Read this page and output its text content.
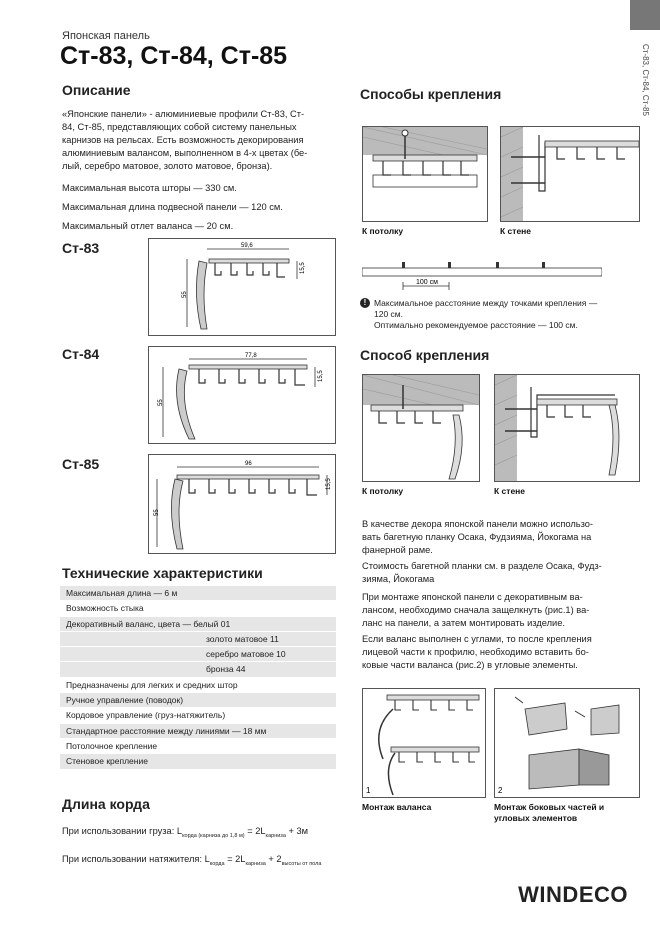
Японская панель
Ст-83, Ст-84, Ст-85	Ст-83, Ст-84, Ст-85
Описание
«Японские панели» - алюминиевые профили Ст-83, Ст-
84, Ст-85, представляющих собой систему панельных
карнизов на рельсах. Есть возможность декорирования
алюминиевым валансом, выполненном в 4-х цветах (бе-
лый, серебро матовое, золото матовое, бронза).
Максимальная высота шторы — 330 см.
Максимальная длина подвесной панели — 120 см.
Максимальный отлет валанса — 20 см.
Ст-83	59,6
15,5
55
Ст-84	77,8
15,5
55
Ст-85	96
15,5
55
Технические характеристики
Максимальная длина — 6 м
Возможность стыка
Декоративный валанс, цвета — белый 01
золото матовое 11
серебро матовое 10
бронза 44
Предназначены для легких и средних штор
Ручное управление (поводок)
Кордовое управление (груз-натяжитель)
Стандартное расстояние между линиями — 18 мм
Потолочное крепление
Стеновое крепление
Длина корда
При использовании груза: $L_{корда (карниза до 1,8 м)} = 2L_{карниза} + 3м$
При использовании натяжителя: $L_{корда} = 2L_{карниза} + 2_{высоты от пола}$
Способы крепления
К потолку	К стене
100 см
! Максимальное расстояние между точками крепления —
120 см.
Оптимально рекомендуемое расстояние — 100 см.
Способ крепления
К потолку	К стене
В качестве декора японской панели можно использо-
вать багетную планку Осака, Фудзияма, Йокогама на
фанерной раме.
Стоимость багетной планки см. в разделе Осака, Фудз-
зияма, Йокогама
При монтаже японской панели с декоративным ва-
лансом, необходимо сначала защелкнуть (рис.1) ва-
ланс на панели, а затем монтировать изделие.
Если валанс выполнен с углами, то после крепления
лицевой части к профилю, необходимо вставить бо-
ковые части валанса (рис.2) в угловые элементы.
1	2
Монтаж валанса	Монтаж боковых частей и
угловых элементов
WINDECO
